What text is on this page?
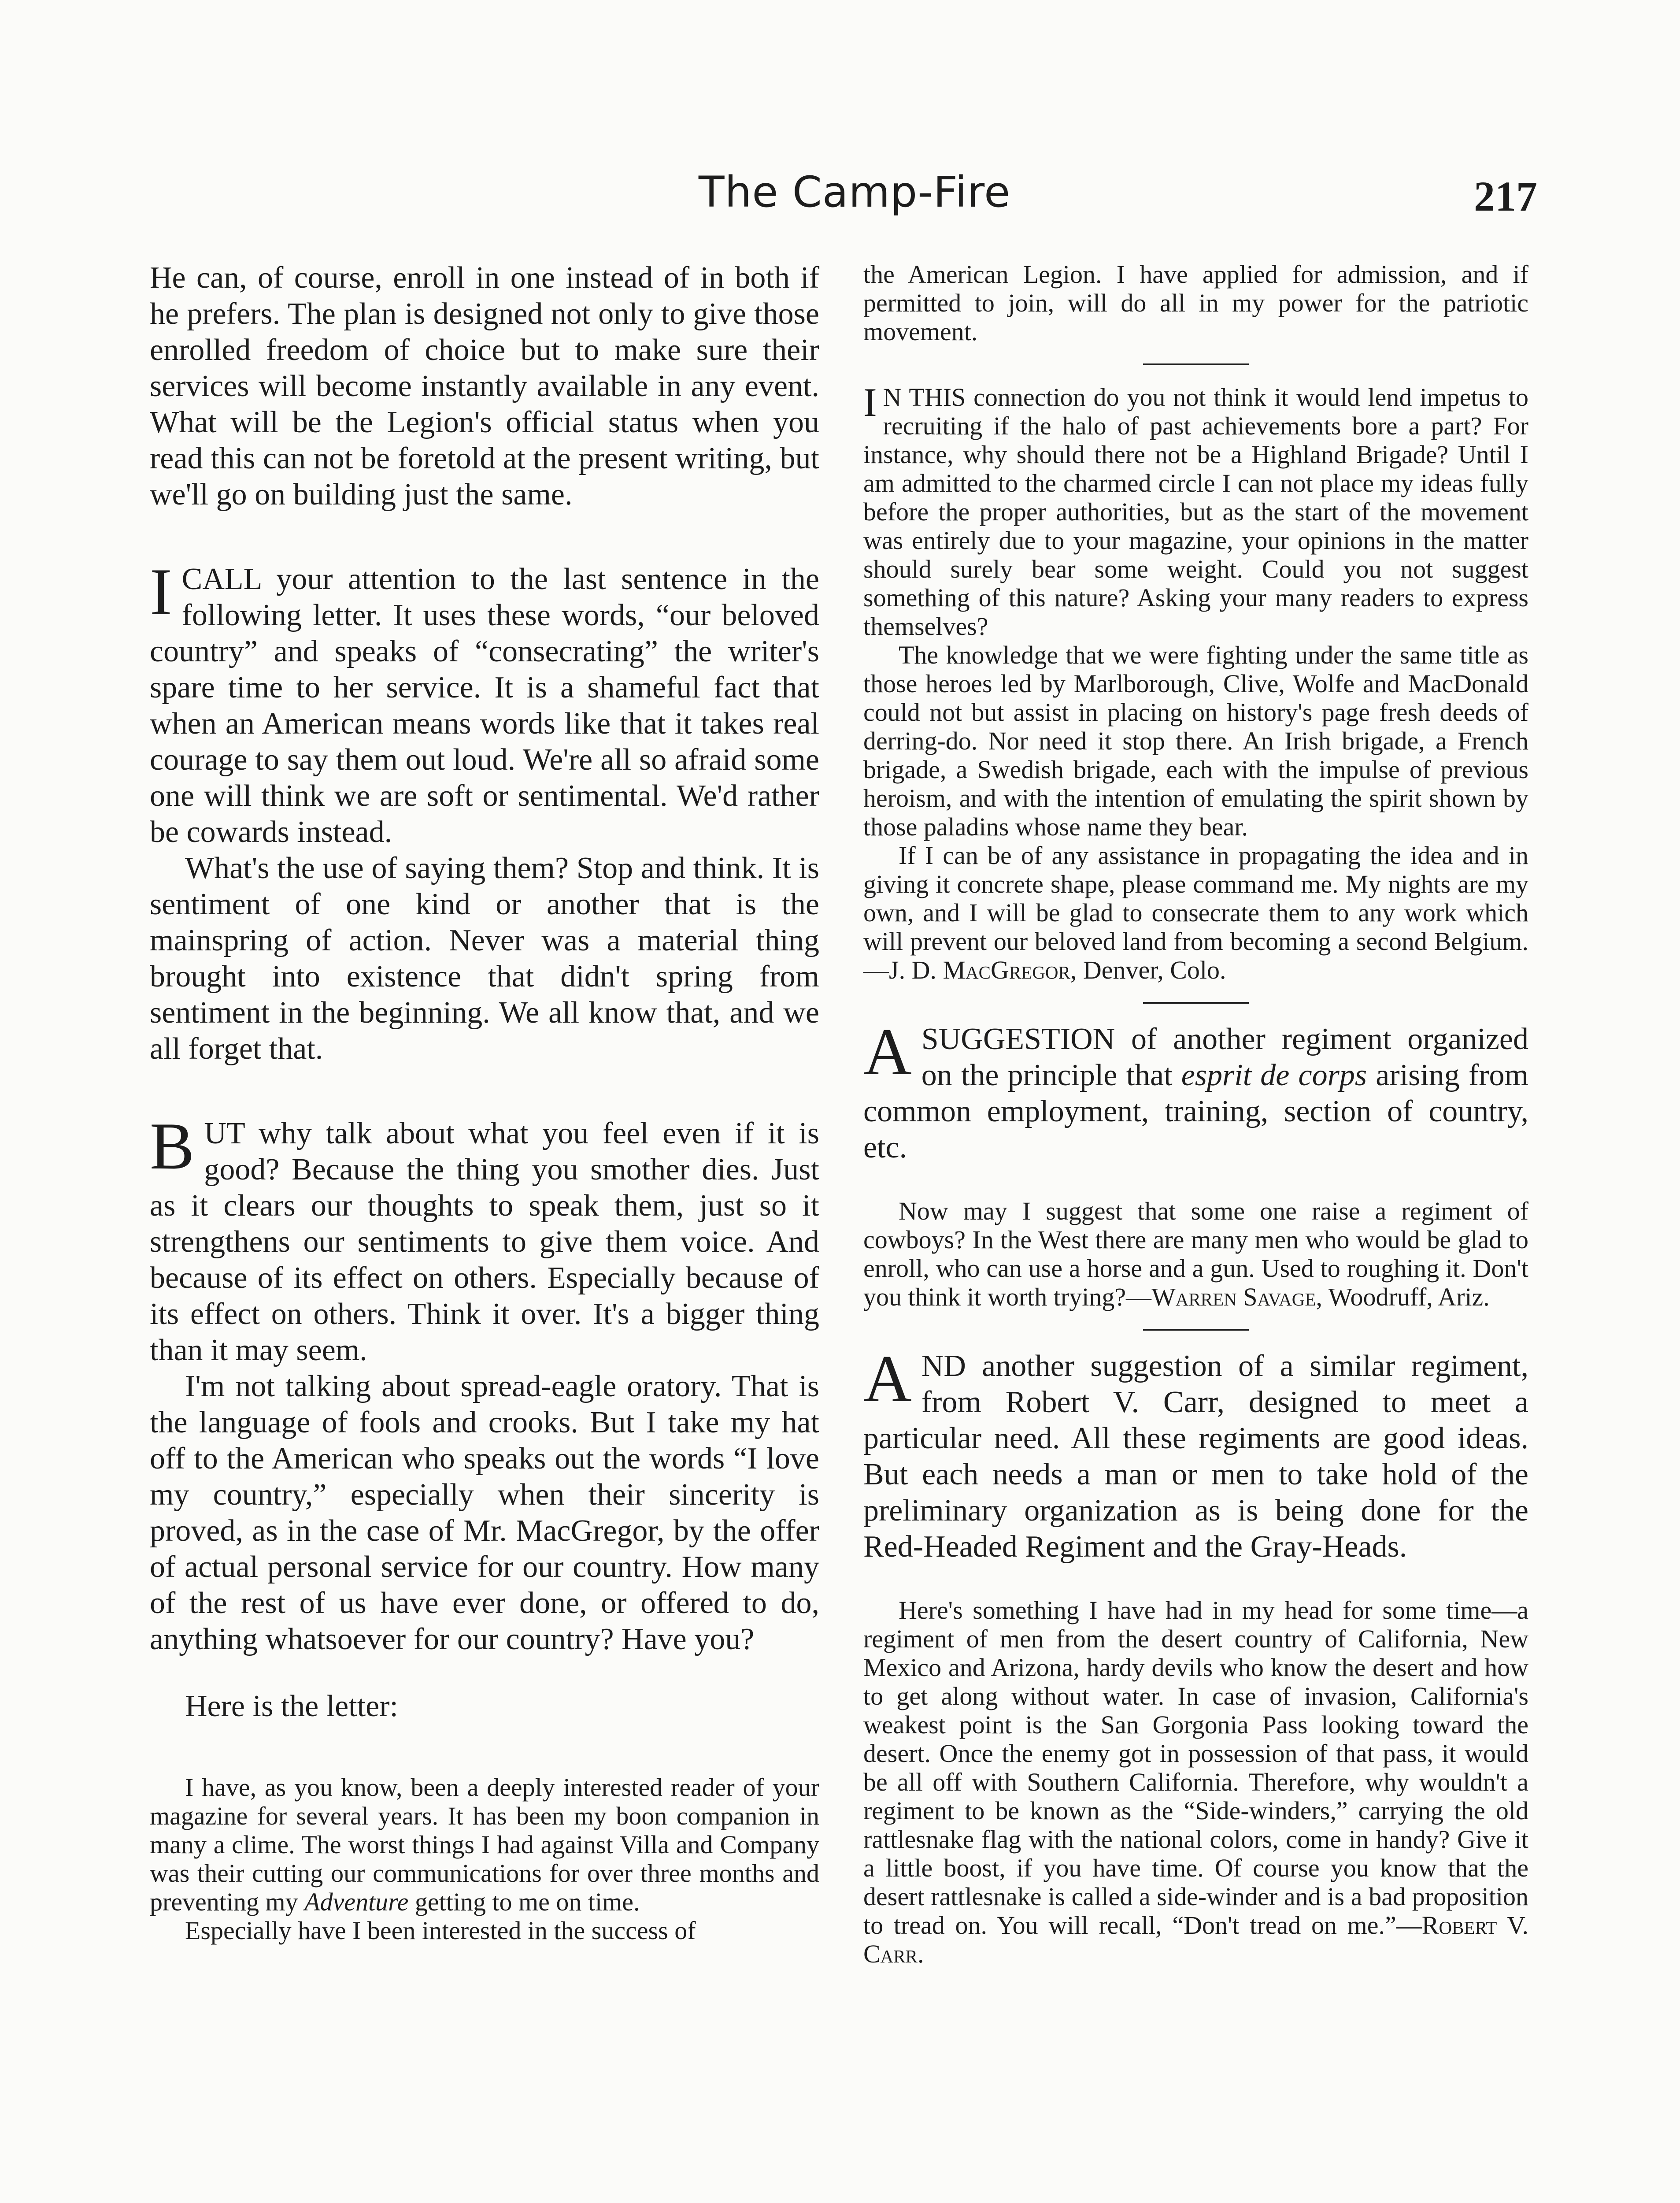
The Camp-Fire	217

He can, of course, enroll in one instead of in both if he prefers. The plan is designed not only to give those enrolled freedom of choice but to make sure their services will become instantly available in any event. What will be the Legion's official status when you read this can not be foretold at the present writing, but we'll go on building just the same.

ICALL your attention to the last sentence in the following letter. It uses these words, “our beloved country” and speaks of “consecrating” the writer's spare time to her service. It is a shameful fact that when an American means words like that it takes real courage to say them out loud. We're all so afraid some one will think we are soft or sentimental. We'd rather be cowards instead.

What's the use of saying them? Stop and think. It is sentiment of one kind or another that is the mainspring of action. Never was a material thing brought into existence that didn't spring from sentiment in the beginning. We all know that, and we all forget that.

BUT why talk about what you feel even if it is good? Because the thing you smother dies. Just as it clears our thoughts to speak them, just so it strengthens our sentiments to give them voice. And because of its effect on others. Especially because of its effect on others. Think it over. It's a bigger thing than it may seem.

I'm not talking about spread-eagle oratory. That is the language of fools and crooks. But I take my hat off to the American who speaks out the words “I love my country,” especially when their sincerity is proved, as in the case of Mr. MacGregor, by the offer of actual personal service for our country. How many of the rest of us have ever done, or offered to do, anything whatsoever for our country? Have you?

Here is the letter:

I have, as you know, been a deeply interested reader of your magazine for several years. It has been my boon companion in many a clime. The worst things I had against Villa and Company was their cutting our communications for over three months and preventing my Adventure getting to me on time.

Especially have I been interested in the success of

the American Legion. I have applied for admission, and if permitted to join, will do all in my power for the patriotic movement.

I N THIS connection do you not think it would lend impetus to recruiting if the halo of past achievements bore a part? For instance, why should there not be a Highland Brigade? Until I am admitted to the charmed circle I can not place my ideas fully before the proper authorities, but as the start of the movement was entirely due to your magazine, your opinions in the matter should surely bear some weight. Could you not suggest something of this nature? Asking your many readers to express themselves?

The knowledge that we were fighting under the same title as those heroes led by Marlborough, Clive, Wolfe and MacDonald could not but assist in placing on history's page fresh deeds of derring-do. Nor need it stop there. An Irish brigade, a French brigade, a Swedish brigade, each with the impulse of previous heroism, and with the intention of emulating the spirit shown by those paladins whose name they bear.

If I can be of any assistance in propagating the idea and in giving it concrete shape, please command me. My nights are my own, and I will be glad to consecrate them to any work which will prevent our beloved land from becoming a second Belgium.—J. D. MacGregor, Denver, Colo.

ASUGGESTION of another regiment organized on the principle that esprit de corps arising from common employment, training, section of country, etc.

Now may I suggest that some one raise a regiment of cowboys? In the West there are many men who would be glad to enroll, who can use a horse and a gun. Used to roughing it. Don't you think it worth trying?—Warren Savage, Woodruff, Ariz.

AND another suggestion of a similar regiment, from Robert V. Carr, designed to meet a particular need. All these regiments are good ideas. But each needs a man or men to take hold of the preliminary organization as is being done for the Red-Headed Regiment and the Gray-Heads.

Here's something I have had in my head for some time—a regiment of men from the desert country of California, New Mexico and Arizona, hardy devils who know the desert and how to get along without water. In case of invasion, California's weakest point is the San Gorgonia Pass looking toward the desert. Once the enemy got in possession of that pass, it would be all off with Southern California. Therefore, why wouldn't a regiment to be known as the “Side-winders,” carrying the old rattlesnake flag with the national colors, come in handy? Give it a little boost, if you have time. Of course you know that the desert rattlesnake is called a side-winder and is a bad proposition to tread on. You will recall, “Don't tread on me.”—Robert V. Carr.
